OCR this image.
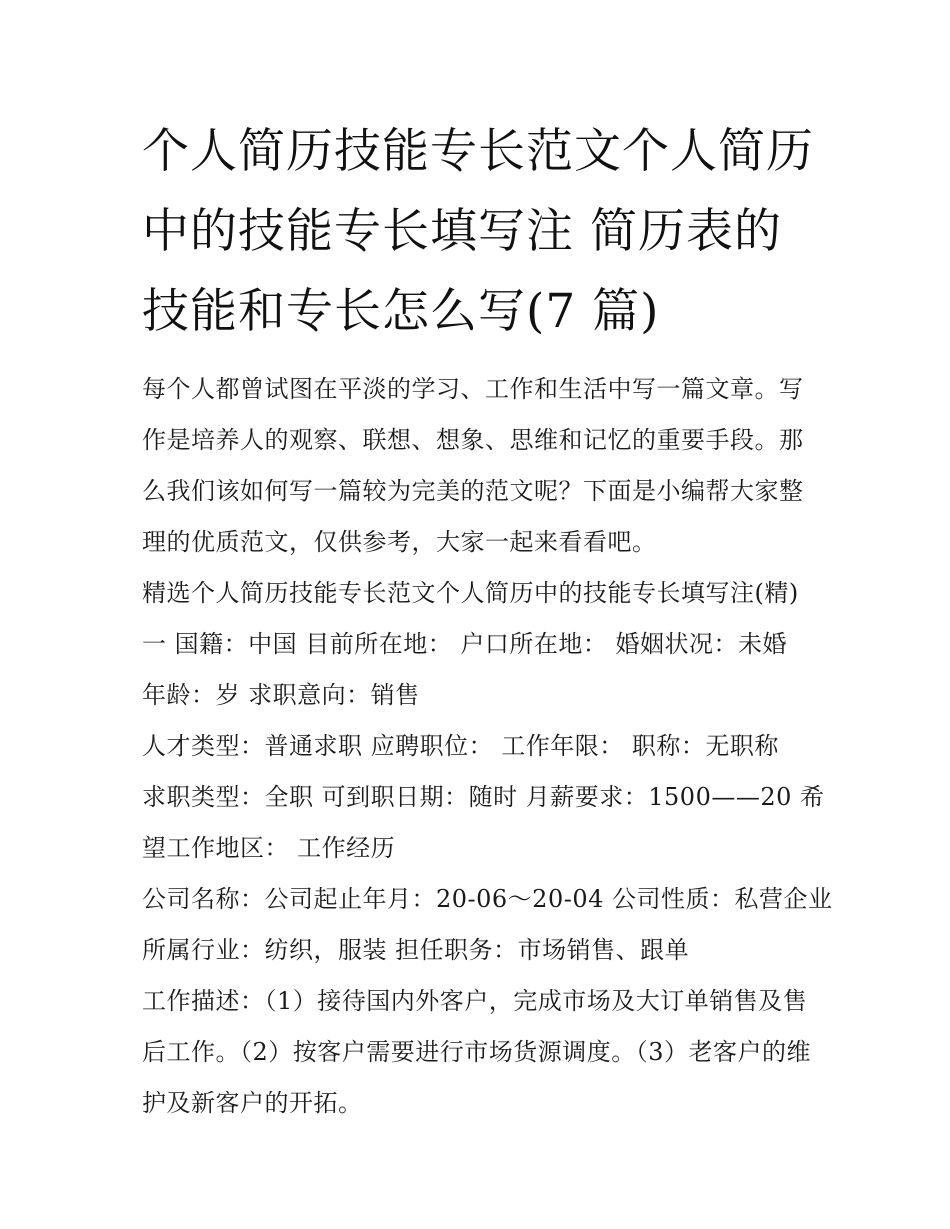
个人简历技能专长范文个人简历中的技能专长填写注 简历表的技能和专长怎么写(7 篇)

每个人都曾试图在平淡的学习、工作和生活中写一篇文章。写作是培养人的观察、联想、想象、思维和记忆的重要手段。那么我们该如何写一篇较为完美的范文呢？下面是小编帮大家整理的优质范文，仅供参考，大家一起来看看吧。

精选个人简历技能专长范文个人简历中的技能专长填写注(精)

一 国籍：中国 目前所在地： 户口所在地： 婚姻状况：未婚

年龄：岁 求职意向：销售

人才类型：普通求职 应聘职位： 工作年限： 职称：无职称

求职类型：全职 可到职日期：随时 月薪要求：1500——20 希

望工作地区： 工作经历

公司名称：公司起止年月：20-06～20-04 公司性质：私营企业

所属行业：纺织，服装 担任职务：市场销售、跟单

工作描述：（1）接待国内外客户，完成市场及大订单销售及售后工作。（2）按客户需要进行市场货源调度。（3）老客户的维护及新客户的开拓。
